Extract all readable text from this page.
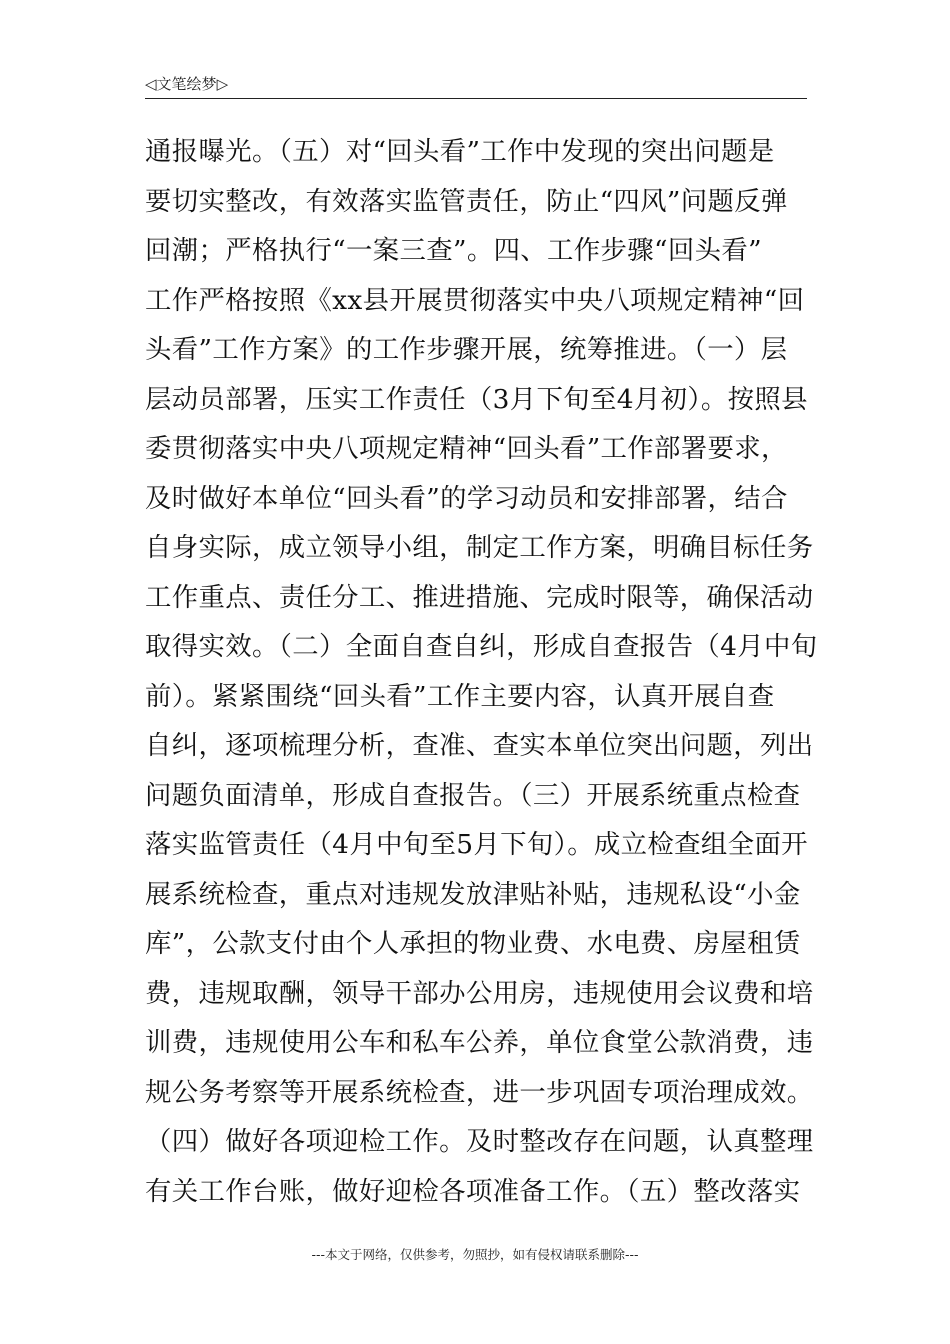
◁文笔绘梦▷
通报曝光。（五）对“回头看”工作中发现的突出问题是
要切实整改，有效落实监管责任，防止“四风”问题反弹
回潮；严格执行“一案三查”。四、工作步骤“回头看”
工作严格按照《xx县开展贯彻落实中央八项规定精神“回
头看”工作方案》的工作步骤开展，统筹推进。（一）层
层动员部署，压实工作责任（3月下旬至4月初）。按照县
委贯彻落实中央八项规定精神“回头看”工作部署要求，
及时做好本单位“回头看”的学习动员和安排部署，结合
自身实际，成立领导小组，制定工作方案，明确目标任务
工作重点、责任分工、推进措施、完成时限等，确保活动
取得实效。（二）全面自查自纠，形成自查报告（4月中旬
前）。紧紧围绕“回头看”工作主要内容，认真开展自查
自纠，逐项梳理分析，查准、查实本单位突出问题，列出
问题负面清单，形成自查报告。（三）开展系统重点检查
落实监管责任（4月中旬至5月下旬）。成立检查组全面开
展系统检查，重点对违规发放津贴补贴，违规私设“小金
库”，公款支付由个人承担的物业费、水电费、房屋租赁
费，违规取酬，领导干部办公用房，违规使用会议费和培
训费，违规使用公车和私车公养，单位食堂公款消费，违
规公务考察等开展系统检查，进一步巩固专项治理成效。
（四）做好各项迎检工作。及时整改存在问题，认真整理
有关工作台账，做好迎检各项准备工作。（五）整改落实
---本文于网络，仅供参考，勿照抄，如有侵权请联系删除---
